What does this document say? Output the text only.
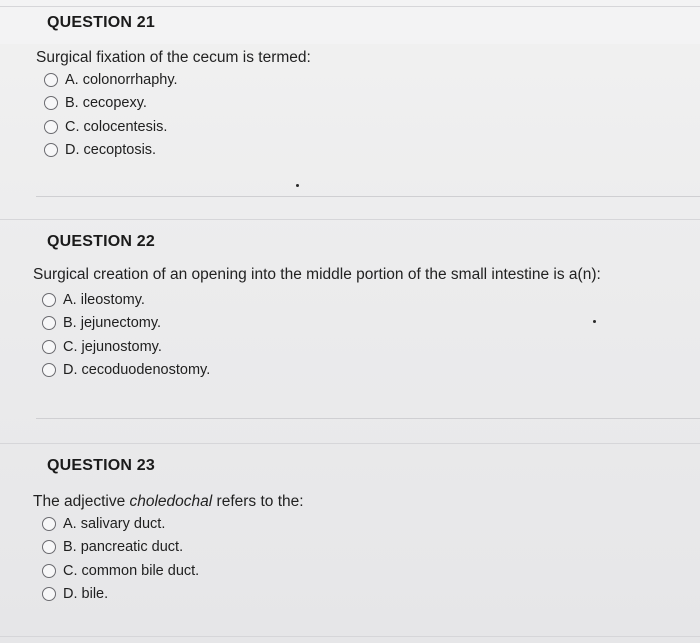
QUESTION 21
Surgical fixation of the cecum is termed:
A. colonorrhaphy.
B. cecopexy.
C. colocentesis.
D. cecoptosis.
QUESTION 22
Surgical creation of an opening into the middle portion of the small intestine is a(n):
A. ileostomy.
B. jejunectomy.
C. jejunostomy.
D. cecoduodenostomy.
QUESTION 23
The adjective choledochal refers to the:
A. salivary duct.
B. pancreatic duct.
C. common bile duct.
D. bile.
